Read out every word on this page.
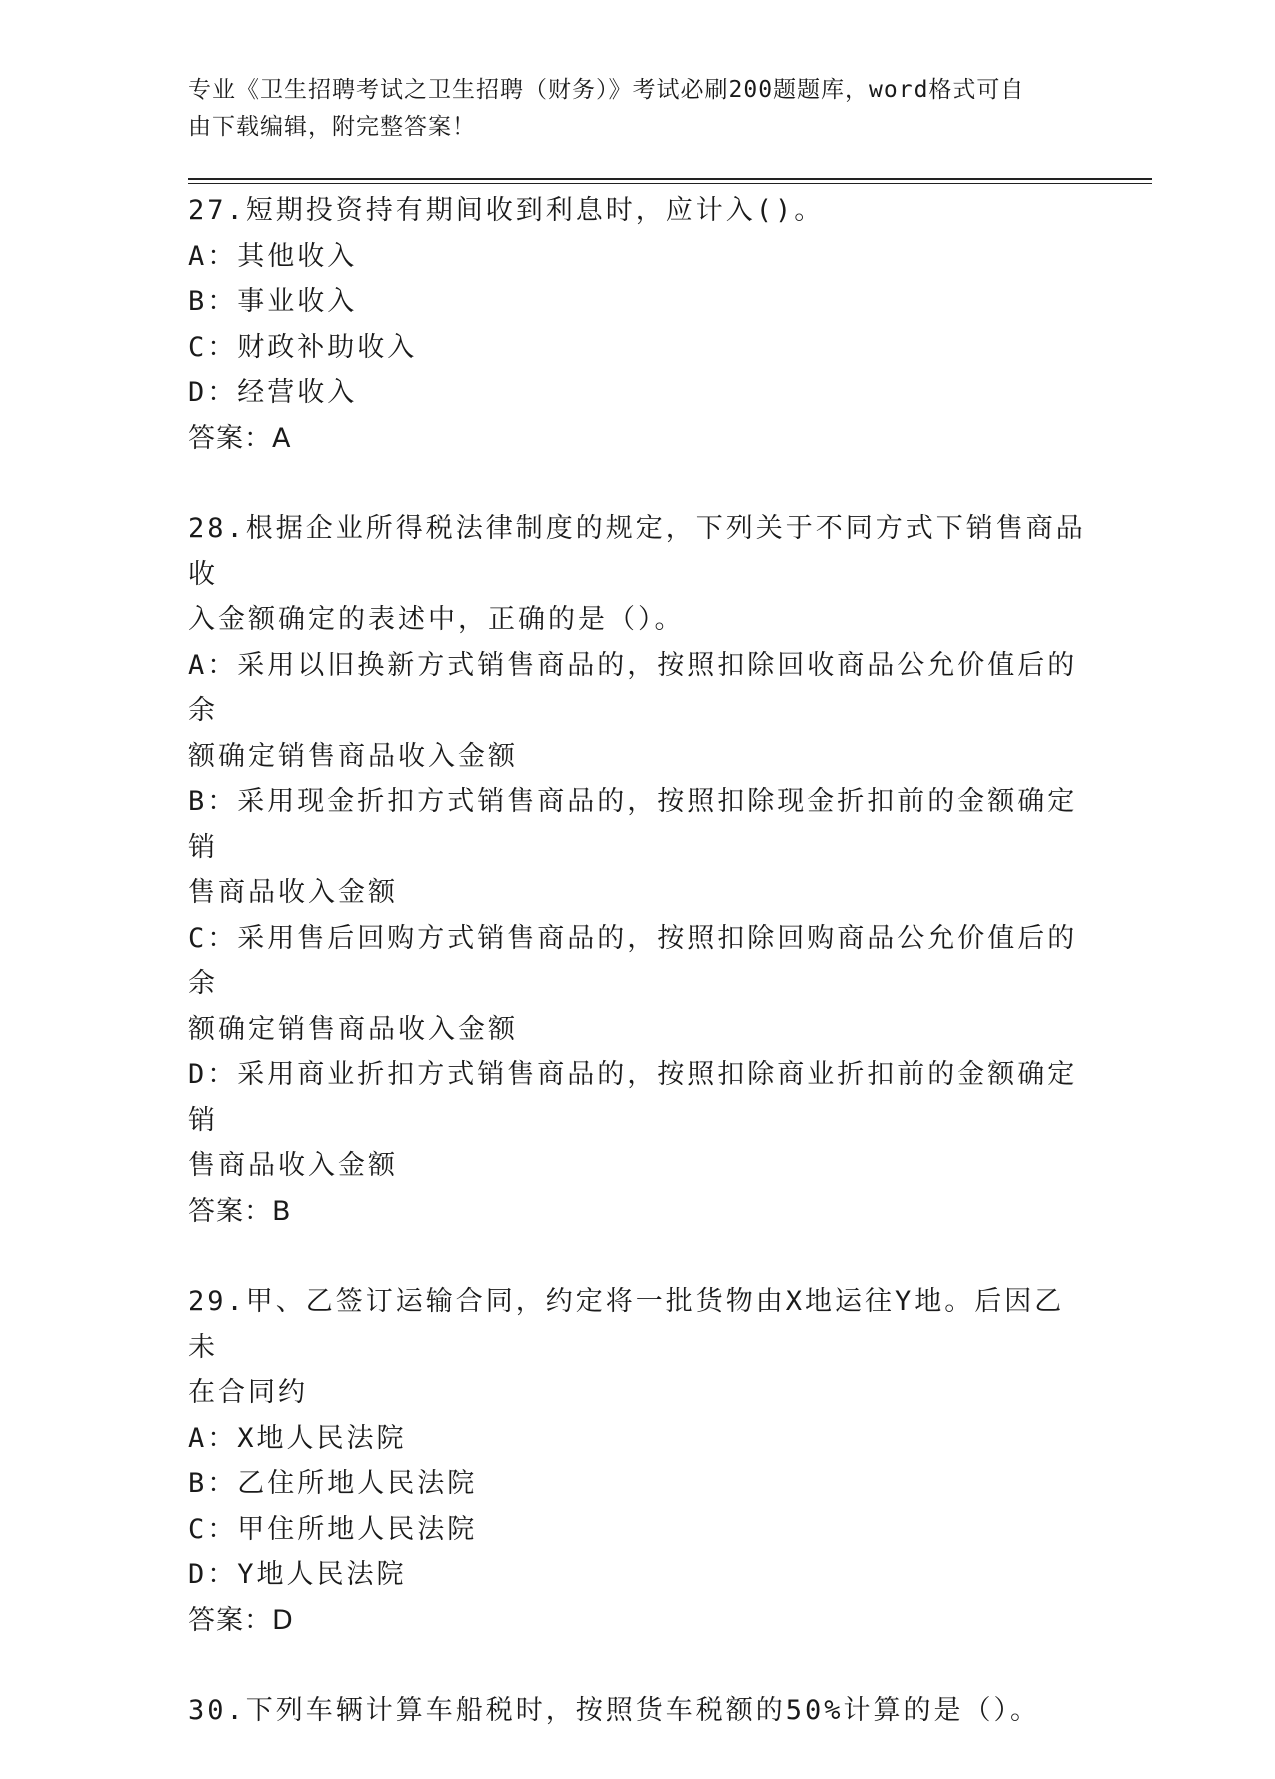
专业《卫生招聘考试之卫生招聘（财务）》考试必刷200题题库，word格式可自
由下载编辑，附完整答案！
27.短期投资持有期间收到利息时，应计入()。
A：其他收入
B：事业收入
C：财政补助收入
D：经营收入
答案：A
28.根据企业所得税法律制度的规定，下列关于不同方式下销售商品收
入金额确定的表述中，正确的是（）。
A：采用以旧换新方式销售商品的，按照扣除回收商品公允价值后的余
额确定销售商品收入金额
B：采用现金折扣方式销售商品的，按照扣除现金折扣前的金额确定销
售商品收入金额
C：采用售后回购方式销售商品的，按照扣除回购商品公允价值后的余
额确定销售商品收入金额
D：采用商业折扣方式销售商品的，按照扣除商业折扣前的金额确定销
售商品收入金额
答案：B
29.甲、乙签订运输合同，约定将一批货物由X地运往Y地。后因乙未
在合同约
A：X地人民法院
B：乙住所地人民法院
C：甲住所地人民法院
D：Y地人民法院
答案：D
30.下列车辆计算车船税时，按照货车税额的50%计算的是（）。
